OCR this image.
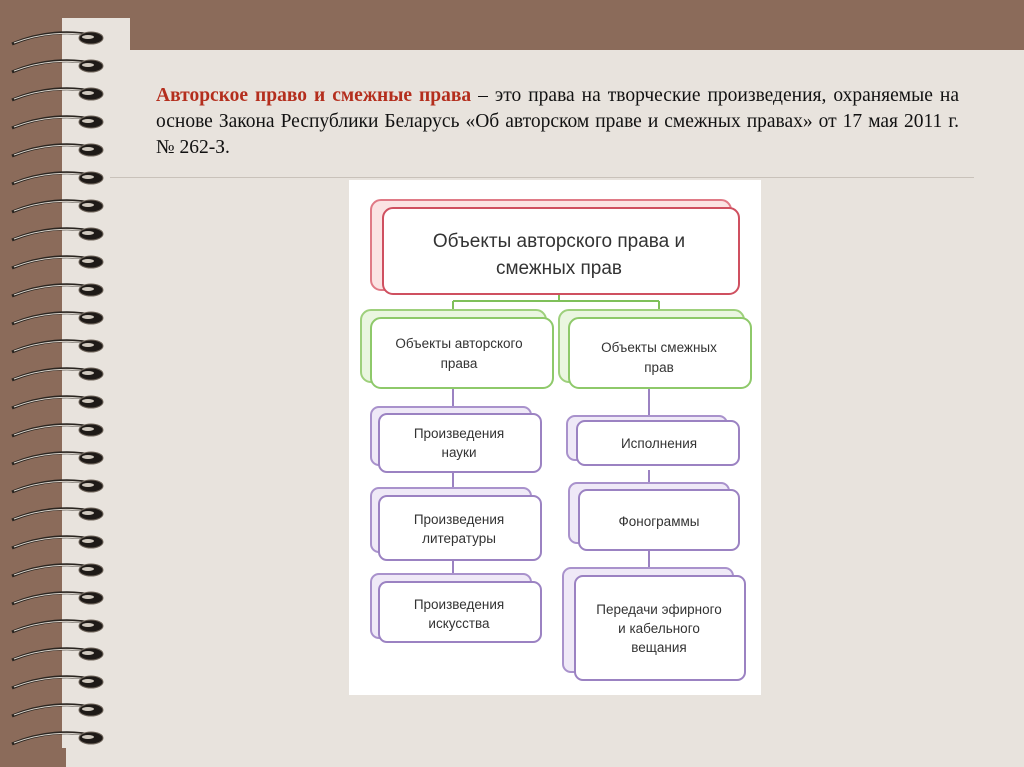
Авторское право и смежные права – это права на творческие произведения, охраняемые на основе Закона Республики Беларусь «Об авторском праве и смежных правах» от 17 мая 2011 г. № 262-З.
Объекты авторского права и
смежных прав
Объекты авторского
права
Объекты смежных
прав
Произведения
науки
Произведения
литературы
Произведения
искусства
Исполнения
Фонограммы
Передачи эфирного
и кабельного
вещания
